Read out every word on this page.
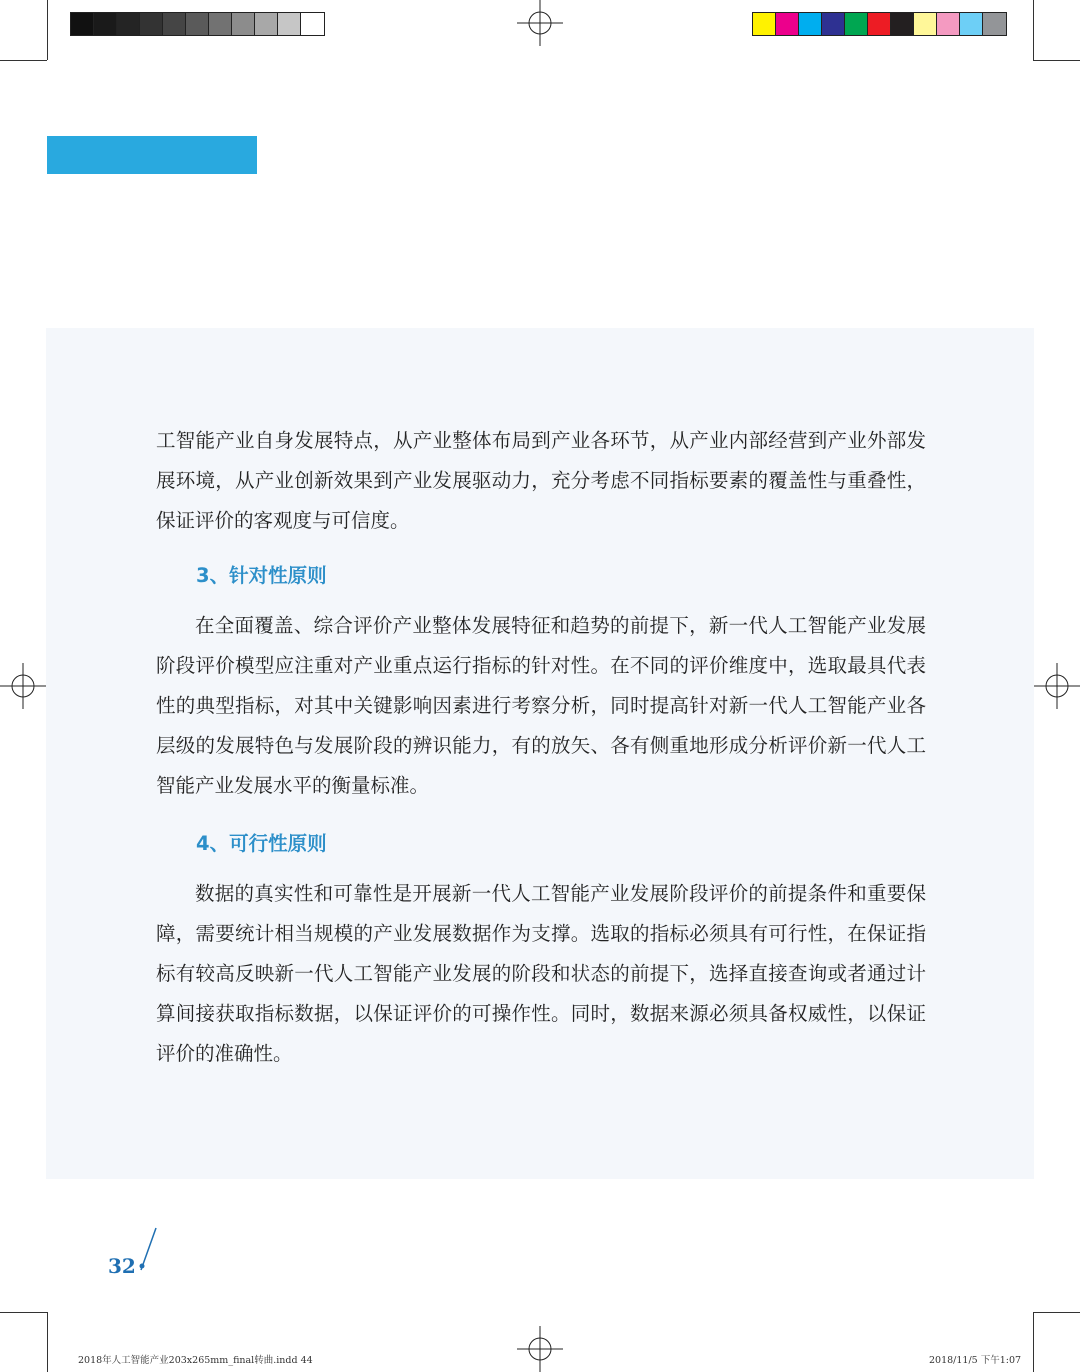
工智能产业自身发展特点，从产业整体布局到产业各环节，从产业内部经营到产业外部发展环境，从产业创新效果到产业发展驱动力，充分考虑不同指标要素的覆盖性与重叠性，保证评价的客观度与可信度。

3、针对性原则

在全面覆盖、综合评价产业整体发展特征和趋势的前提下，新一代人工智能产业发展阶段评价模型应注重对产业重点运行指标的针对性。在不同的评价维度中，选取最具代表性的典型指标，对其中关键影响因素进行考察分析，同时提高针对新一代人工智能产业各层级的发展特色与发展阶段的辨识能力，有的放矢、各有侧重地形成分析评价新一代人工智能产业发展水平的衡量标准。

4、可行性原则

数据的真实性和可靠性是开展新一代人工智能产业发展阶段评价的前提条件和重要保障，需要统计相当规模的产业发展数据作为支撑。选取的指标必须具有可行性，在保证指标有较高反映新一代人工智能产业发展的阶段和状态的前提下，选择直接查询或者通过计算间接获取指标数据，以保证评价的可操作性。同时，数据来源必须具备权威性，以保证评价的准确性。

32
2018年人工智能产业203x265mm_final转曲.indd 44	2018/11/5 下午1:07
